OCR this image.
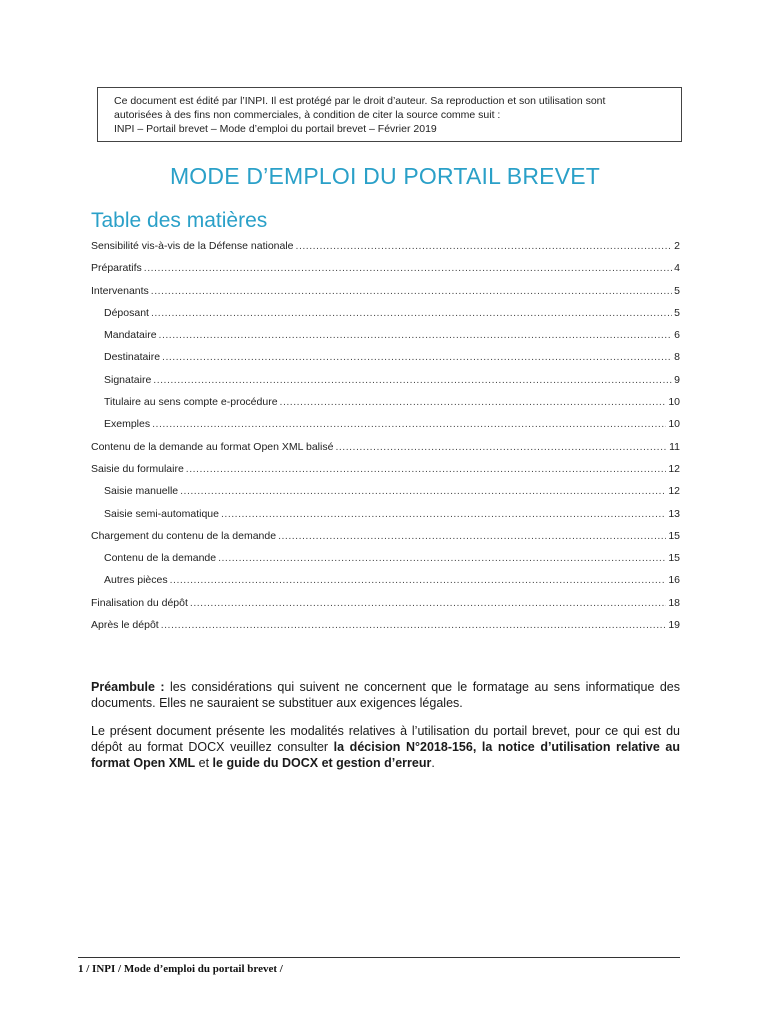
Ce document est édité par l’INPI. Il est protégé par le droit d’auteur. Sa reproduction et son utilisation sont
autorisées à des fins non commerciales, à condition de citer la source comme suit :
INPI – Portail brevet – Mode d’emploi du portail brevet – Février 2019
MODE D’EMPLOI DU PORTAIL BREVET
Table des matières
Sensibilité vis-à-vis de la Défense nationale .....	2
Préparatifs .....	4
Intervenants .....	5
Déposant .....	5
Mandataire .....	6
Destinataire .....	8
Signataire .....	9
Titulaire au sens compte e-procédure .....	10
Exemples .....	10
Contenu de la demande au format Open XML balisé .....	11
Saisie du formulaire .....	12
Saisie manuelle .....	12
Saisie semi-automatique .....	13
Chargement du contenu de la demande .....	15
Contenu de la demande .....	15
Autres pièces .....	16
Finalisation du dépôt .....	18
Après le dépôt .....	19
Préambule : les considérations qui suivent ne concernent que le formatage au sens informatique des documents. Elles ne sauraient se substituer aux exigences légales.
Le présent document présente les modalités relatives à l’utilisation du portail brevet, pour ce qui est du dépôt au format DOCX veuillez consulter la décision N°2018-156, la notice d’utilisation relative au format Open XML et le guide du DOCX et gestion d’erreur.
1 / INPI / Mode d’emploi du portail brevet /
